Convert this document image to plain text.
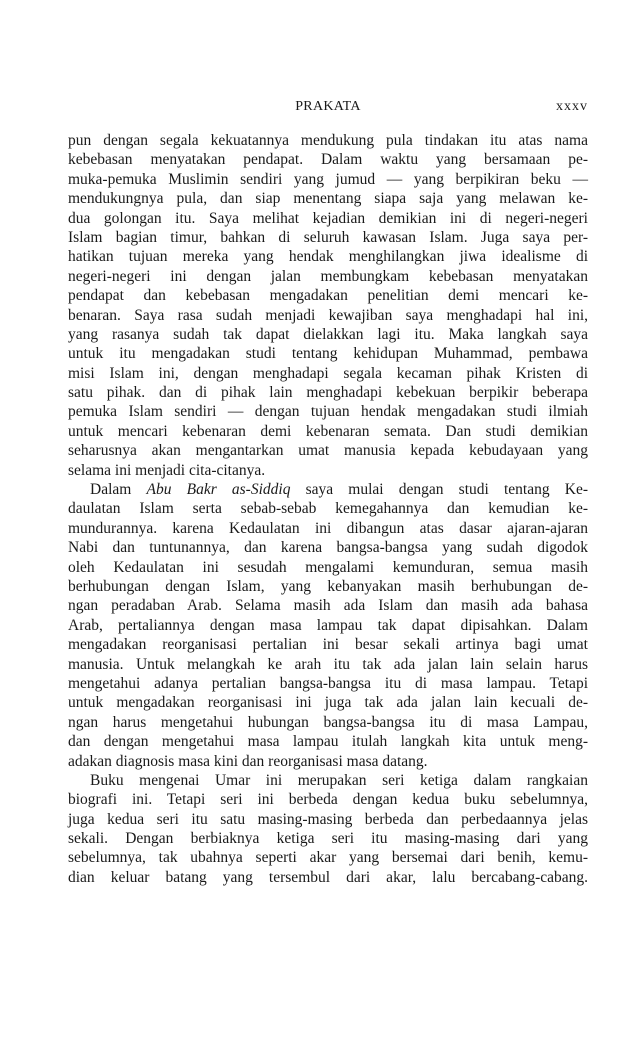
PRAKATA	xxxv
pun dengan segala kekuatannya mendukung pula tindakan itu atas nama
kebebasan menyatakan pendapat. Dalam waktu yang bersamaan pe-
muka-pemuka Muslimin sendiri yang jumud — yang berpikiran beku —
mendukungnya pula, dan siap menentang siapa saja yang melawan ke-
dua golongan itu. Saya melihat kejadian demikian ini di negeri-negeri
Islam bagian timur, bahkan di seluruh kawasan Islam. Juga saya per-
hatikan tujuan mereka yang hendak menghilangkan jiwa idealisme di
negeri-negeri ini dengan jalan membungkam kebebasan menyatakan
pendapat dan kebebasan mengadakan penelitian demi mencari ke-
benaran. Saya rasa sudah menjadi kewajiban saya menghadapi hal ini,
yang rasanya sudah tak dapat dielakkan lagi itu. Maka langkah saya
untuk itu mengadakan studi tentang kehidupan Muhammad, pembawa
misi Islam ini, dengan menghadapi segala kecaman pihak Kristen di
satu pihak. dan di pihak lain menghadapi kebekuan berpikir beberapa
pemuka Islam sendiri — dengan tujuan hendak mengadakan studi ilmiah
untuk mencari kebenaran demi kebenaran semata. Dan studi demikian
seharusnya akan mengantarkan umat manusia kepada kebudayaan yang
selama ini menjadi cita-citanya.
Dalam Abu Bakr as-Siddiq saya mulai dengan studi tentang Ke-
daulatan Islam serta sebab-sebab kemegahannya dan kemudian ke-
mundurannya. karena Kedaulatan ini dibangun atas dasar ajaran-ajaran
Nabi dan tuntunannya, dan karena bangsa-bangsa yang sudah digodok
oleh Kedaulatan ini sesudah mengalami kemunduran, semua masih
berhubungan dengan Islam, yang kebanyakan masih berhubungan de-
ngan peradaban Arab. Selama masih ada Islam dan masih ada bahasa
Arab, pertaliannya dengan masa lampau tak dapat dipisahkan. Dalam
mengadakan reorganisasi pertalian ini besar sekali artinya bagi umat
manusia. Untuk melangkah ke arah itu tak ada jalan lain selain harus
mengetahui adanya pertalian bangsa-bangsa itu di masa lampau. Tetapi
untuk mengadakan reorganisasi ini juga tak ada jalan lain kecuali de-
ngan harus mengetahui hubungan bangsa-bangsa itu di masa Lampau,
dan dengan mengetahui masa lampau itulah langkah kita untuk meng-
adakan diagnosis masa kini dan reorganisasi masa datang.
Buku mengenai Umar ini merupakan seri ketiga dalam rangkaian
biografi ini. Tetapi seri ini berbeda dengan kedua buku sebelumnya,
juga kedua seri itu satu masing-masing berbeda dan perbedaannya jelas
sekali. Dengan berbiaknya ketiga seri itu masing-masing dari yang
sebelumnya, tak ubahnya seperti akar yang bersemai dari benih, kemu-
dian keluar batang yang tersembul dari akar, lalu bercabang-cabang.
